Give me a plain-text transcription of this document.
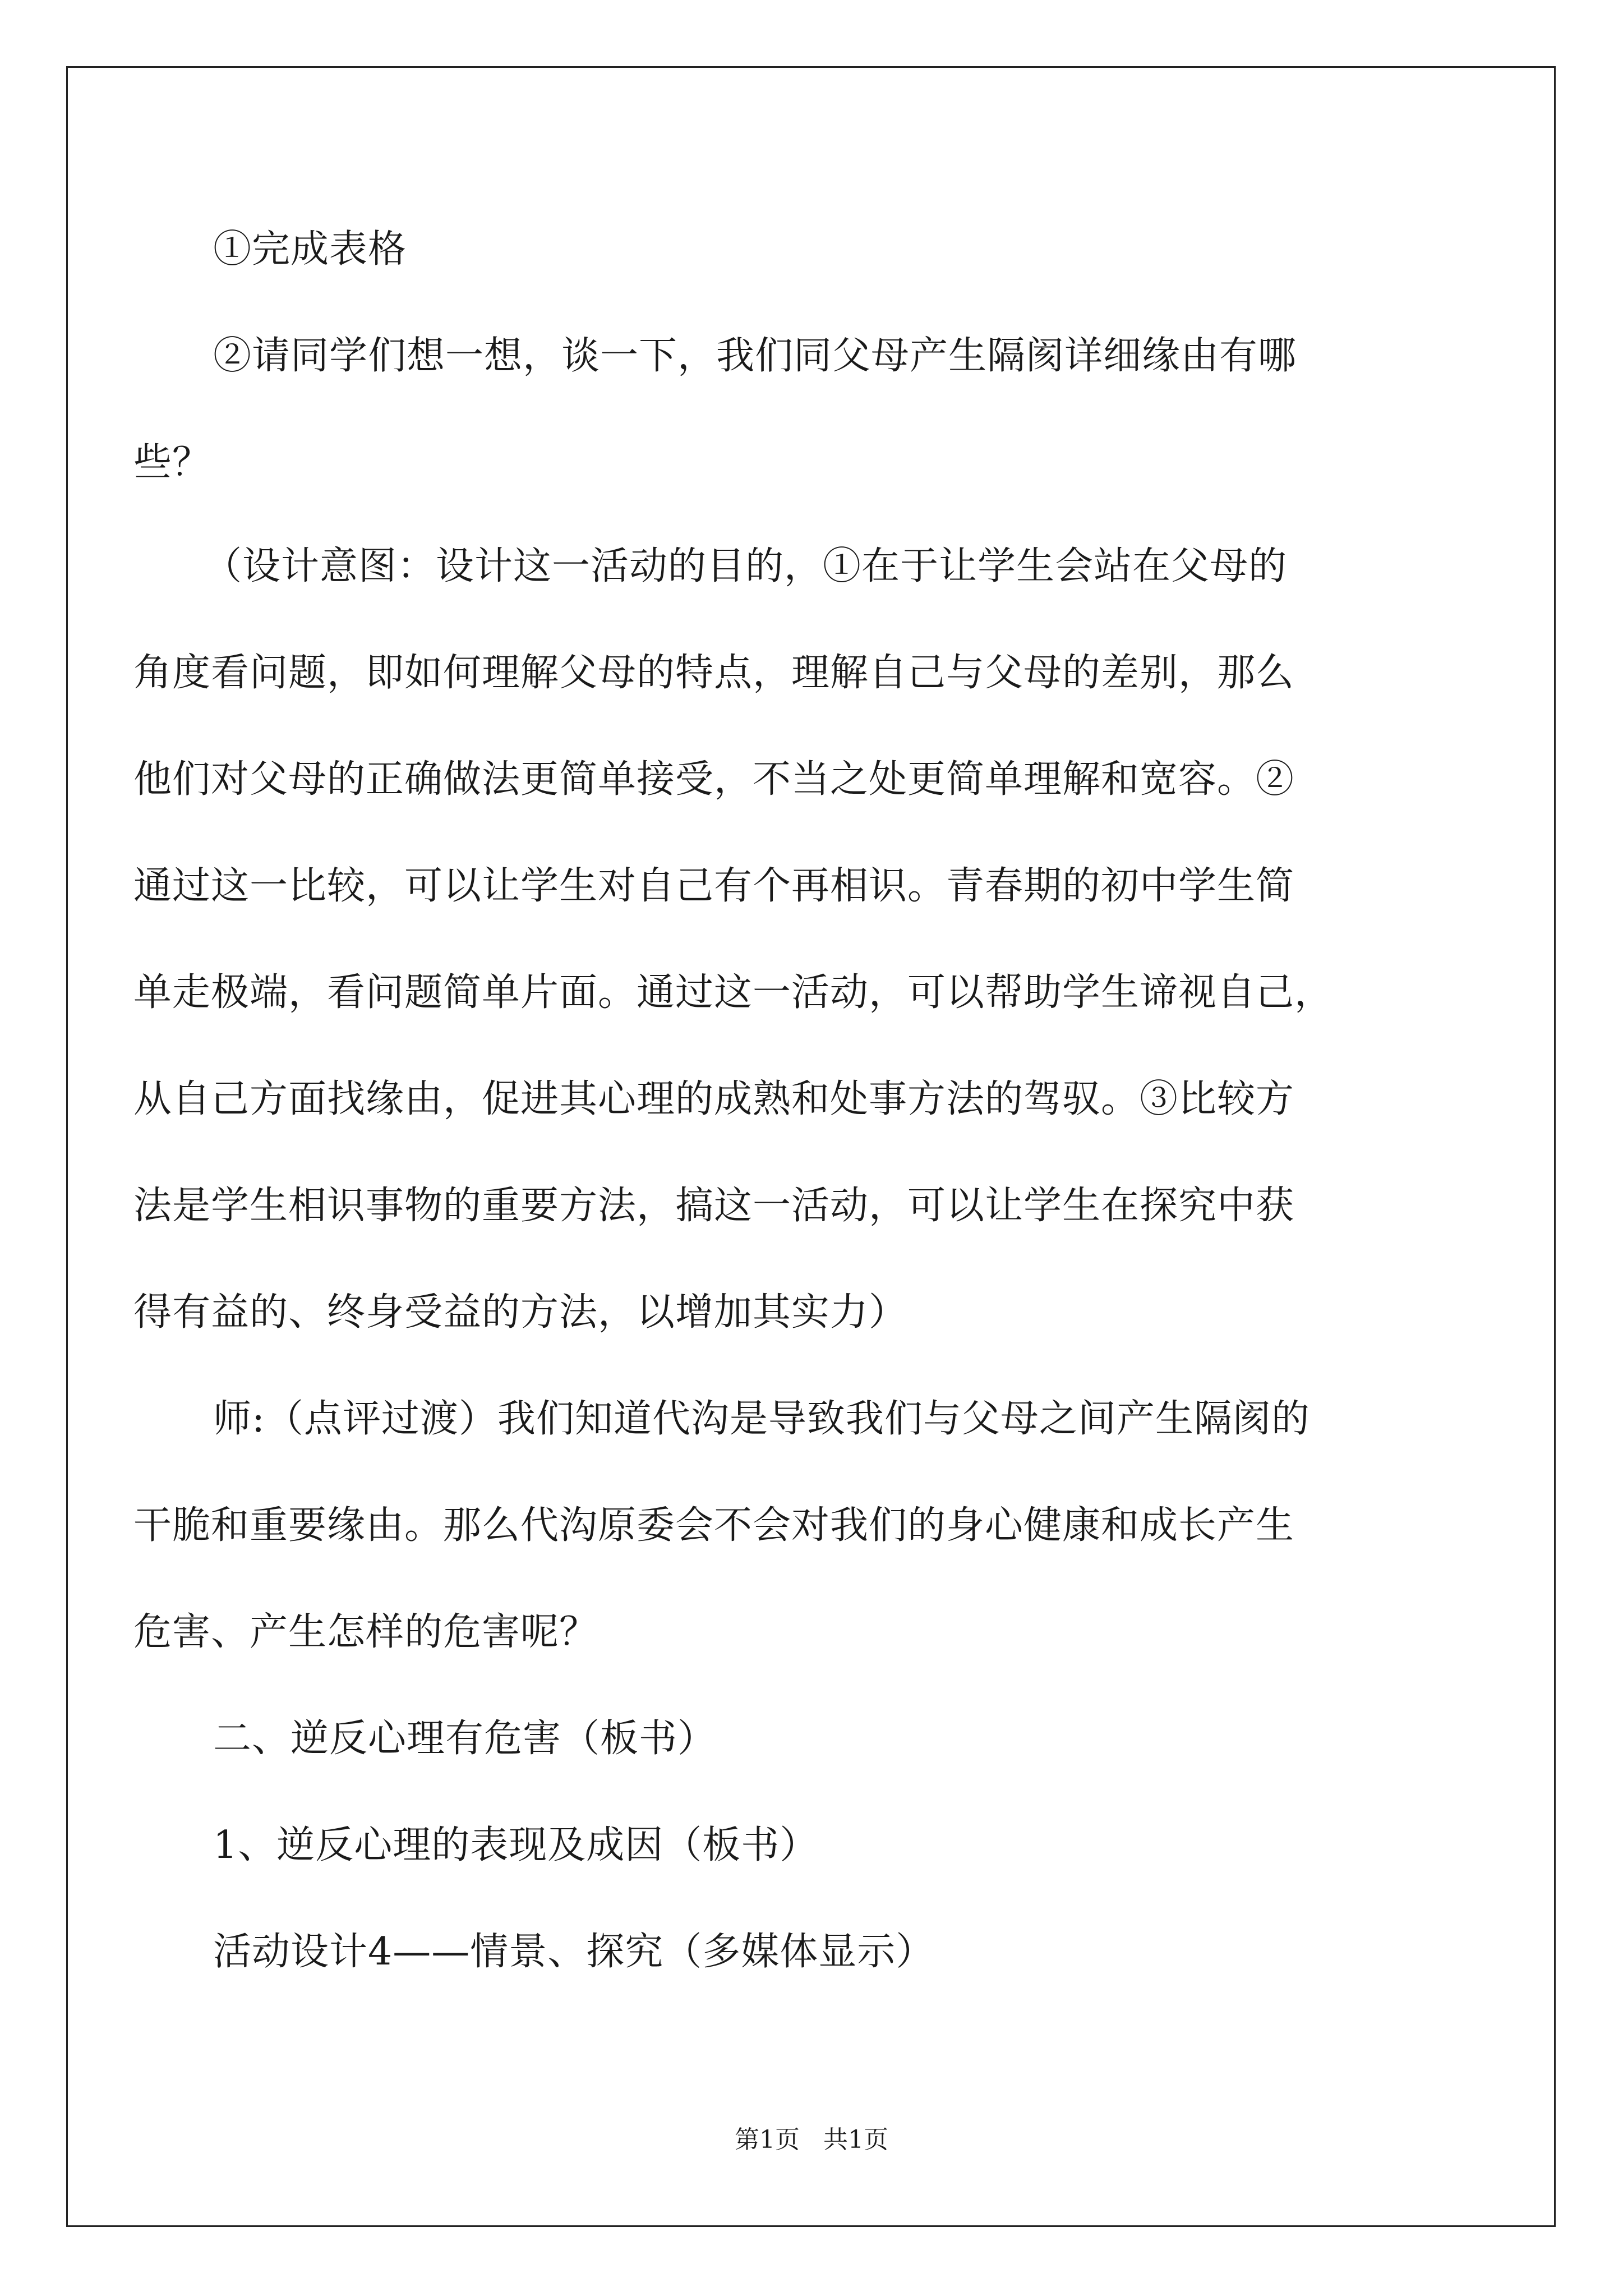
①完成表格
②请同学们想一想，谈一下，我们同父母产生隔阂详细缘由有哪
些？
（设计意图：设计这一活动的目的，①在于让学生会站在父母的
角度看问题，即如何理解父母的特点，理解自己与父母的差别，那么
他们对父母的正确做法更简单接受，不当之处更简单理解和宽容。②
通过这一比较，可以让学生对自己有个再相识。青春期的初中学生简
单走极端，看问题简单片面。通过这一活动，可以帮助学生谛视自己，
从自己方面找缘由，促进其心理的成熟和处事方法的驾驭。③比较方
法是学生相识事物的重要方法，搞这一活动，可以让学生在探究中获
得有益的、终身受益的方法，以增加其实力）
师:（点评过渡）我们知道代沟是导致我们与父母之间产生隔阂的
干脆和重要缘由。那么代沟原委会不会对我们的身心健康和成长产生
危害、产生怎样的危害呢？
二、逆反心理有危害（板书）
1、逆反心理的表现及成因（板书）
活动设计4——情景、探究（多媒体显示）
第1页 共1页
